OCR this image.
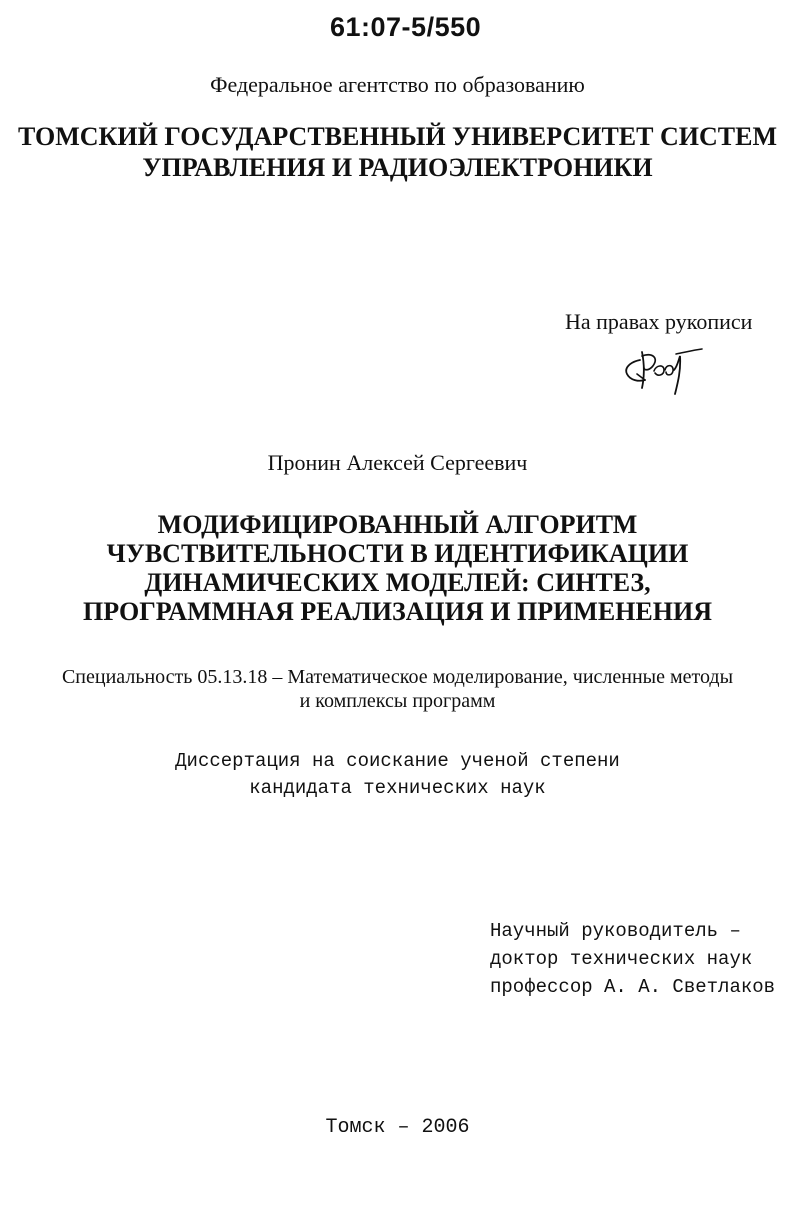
61:07-5/550
Федеральное агентство по образованию
ТОМСКИЙ ГОСУДАРСТВЕННЫЙ УНИВЕРСИТЕТ СИСТЕМ
УПРАВЛЕНИЯ И РАДИОЭЛЕКТРОНИКИ
На правах рукописи
Пронин Алексей Сергеевич
МОДИФИЦИРОВАННЫЙ АЛГОРИТМ
ЧУВСТВИТЕЛЬНОСТИ В ИДЕНТИФИКАЦИИ
ДИНАМИЧЕСКИХ МОДЕЛЕЙ: СИНТЕЗ,
ПРОГРАММНАЯ РЕАЛИЗАЦИЯ И ПРИМЕНЕНИЯ
Специальность 05.13.18 – Математическое моделирование, численные методы
и комплексы программ
Диссертация на соискание ученой степени
кандидата технических наук
Научный руководитель –
доктор технических наук
профессор А. А. Светлаков
Томск – 2006
